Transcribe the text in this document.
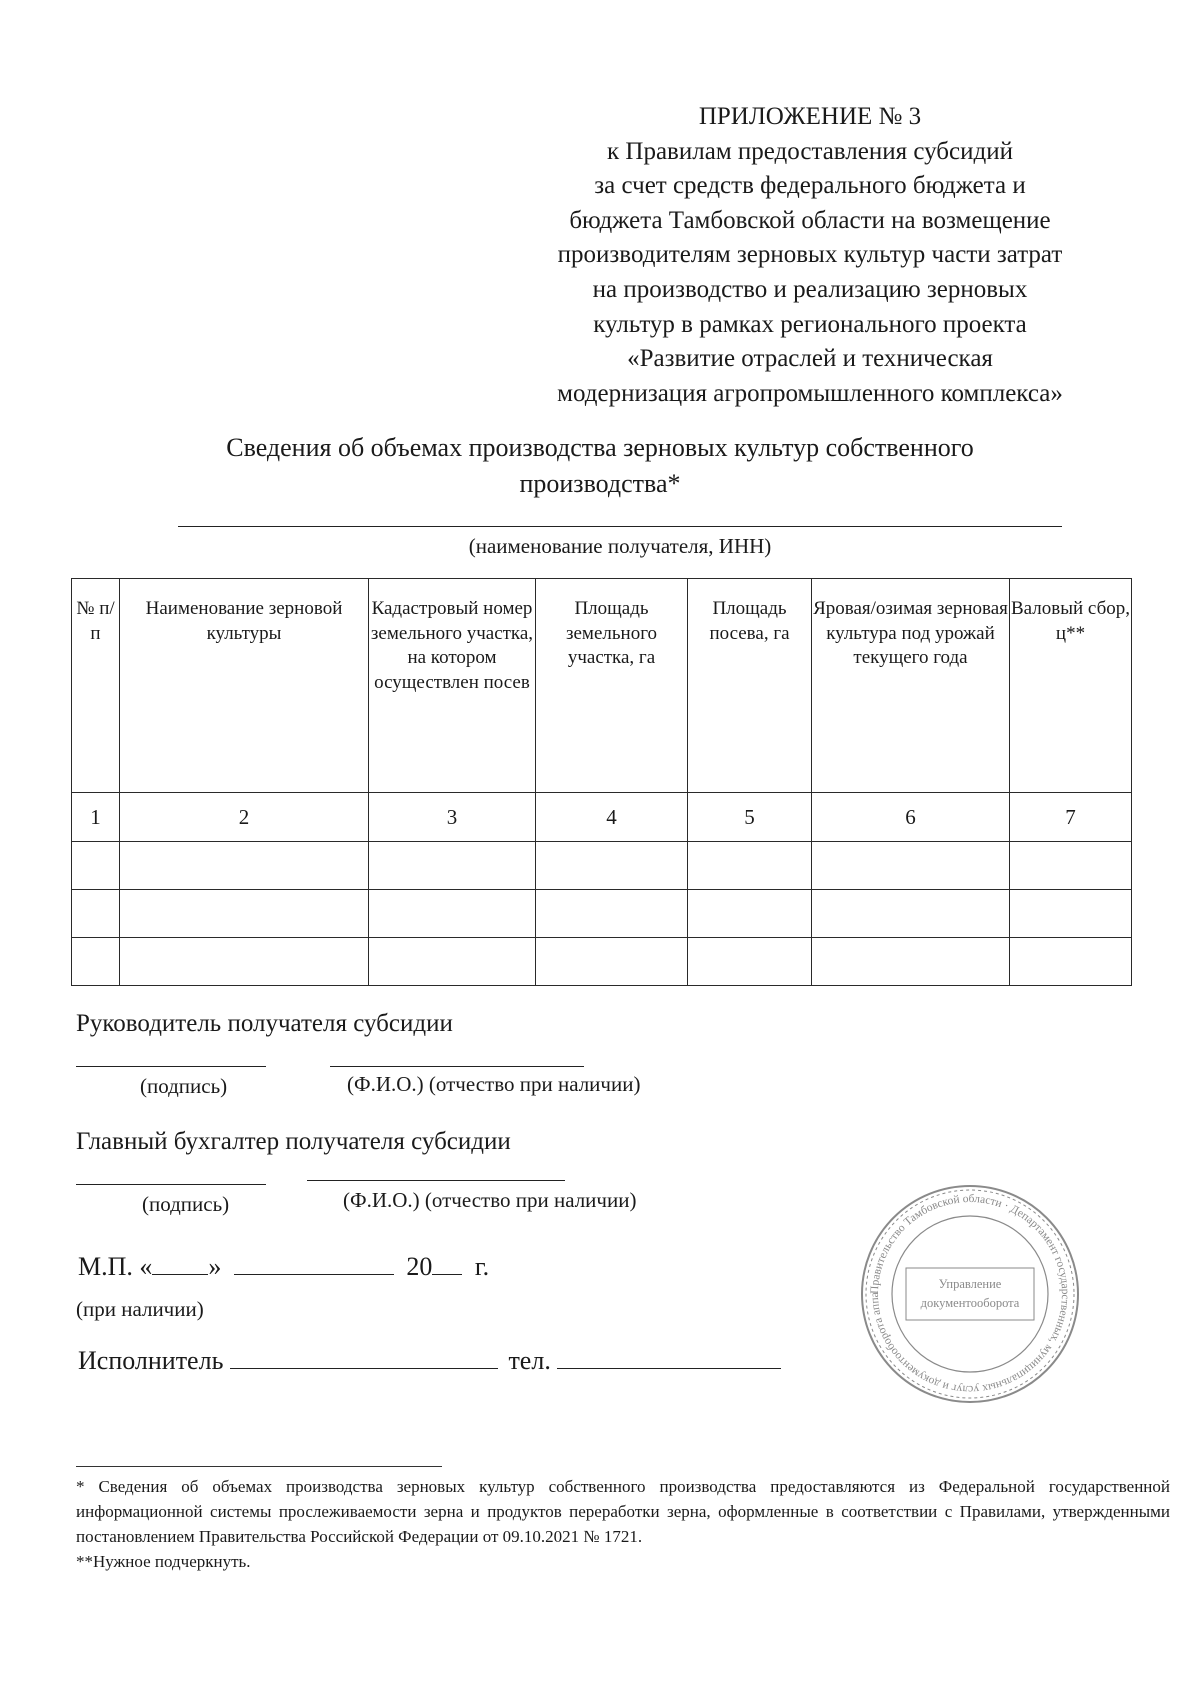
ПРИЛОЖЕНИЕ № 3
к Правилам предоставления субсидий
за счет средств федерального бюджета и
бюджета Тамбовской области на возмещение
производителям зерновых культур части затрат
на производство и реализацию зерновых
культур в рамках регионального проекта
«Развитие отраслей и техническая
модернизация агропромышленного комплекса»
Сведения об объемах производства зерновых культур собственного
производства*
(наименование получателя, ИНН)
№ п/п	Наименование зерновой культуры	Кадастровый номер земельного участка, на котором осуществлен посев	Площадь земельного участка, га	Площадь посева, га	Яровая/озимая зерновая культура под урожай текущего года	Валовый сбор, ц**
1	2	3	4	5	6	7

Руководитель получателя субсидии
(подпись)	(Ф.И.О.) (отчество при наличии)
Главный бухгалтер получателя субсидии
(подпись)	(Ф.И.О.) (отчество при наличии)
М.П. « »	20 г.
(при наличии)
Исполнитель	тел.
Правительство Тамбовской области · Департамент государственных, муниципальных услуг и документооборота аппа
Управление
документооборота

* Сведения об объемах производства зерновых культур собственного производства предоставляются из Федеральной государственной информационной системы прослеживаемости зерна и продуктов переработки зерна, оформленные в соответствии с Правилами, утвержденными постановлением Правительства Российской Федерации от 09.10.2021 № 1721.

**Нужное подчеркнуть.
